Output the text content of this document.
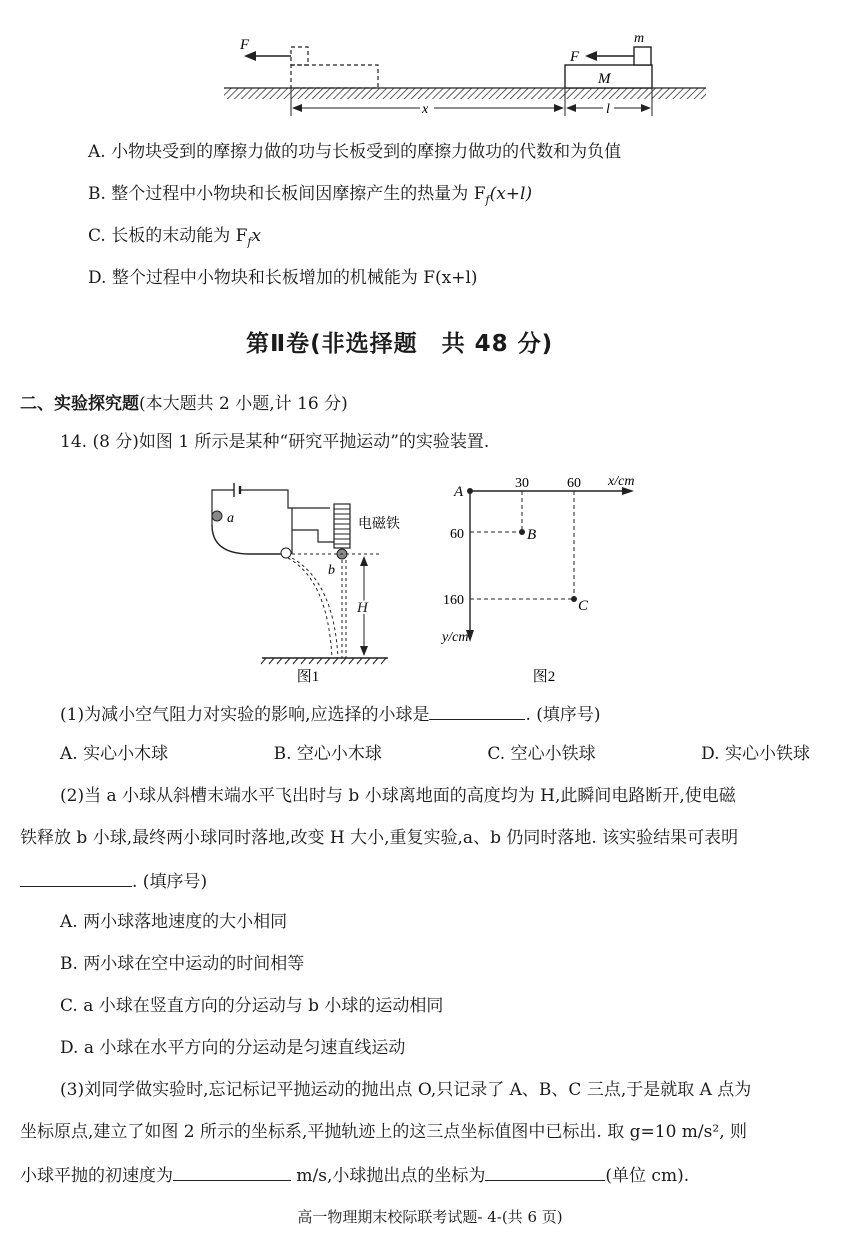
F
M
m
F
x	l
A. 小物块受到的摩擦力做的功与长板受到的摩擦力做功的代数和为负值
B. 整个过程中小物块和长板间因摩擦产生的热量为 $F_f(x+l)$
C. 长板的末动能为 $F_fx$
D. 整个过程中小物块和长板增加的机械能为 F(x+l)
第Ⅱ卷(非选择题　共 48 分)
二、实验探究题(本大题共 2 小题,计 16 分)
14. (8 分)如图 1 所示是某种“研究平抛运动”的实验装置.
a	电磁铁
b
H
图1
x/cm
y/cm
A
30	60
60
160
B
C
图2
(1)为减小空气阻力对实验的影响,应选择的小球是	. (填序号)
A. 实心小木球	B. 空心小木球	C. 空心小铁球	D. 实心小铁球
(2)当 a 小球从斜槽末端水平飞出时与 b 小球离地面的高度均为 H,此瞬间电路断开,使电磁
铁释放 b 小球,最终两小球同时落地,改变 H 大小,重复实验,a、b 仍同时落地. 该实验结果可表明
. (填序号)
A. 两小球落地速度的大小相同
B. 两小球在空中运动的时间相等
C. a 小球在竖直方向的分运动与 b 小球的运动相同
D. a 小球在水平方向的分运动是匀速直线运动
(3)刘同学做实验时,忘记标记平抛运动的抛出点 O,只记录了 A、B、C 三点,于是就取 A 点为
坐标原点,建立了如图 2 所示的坐标系,平抛轨迹上的这三点坐标值图中已标出. 取 g=10 m/s², 则
小球平抛的初速度为	m/s,小球抛出点的坐标为	(单位 cm).
高一物理期末校际联考试题- 4-(共 6 页)
